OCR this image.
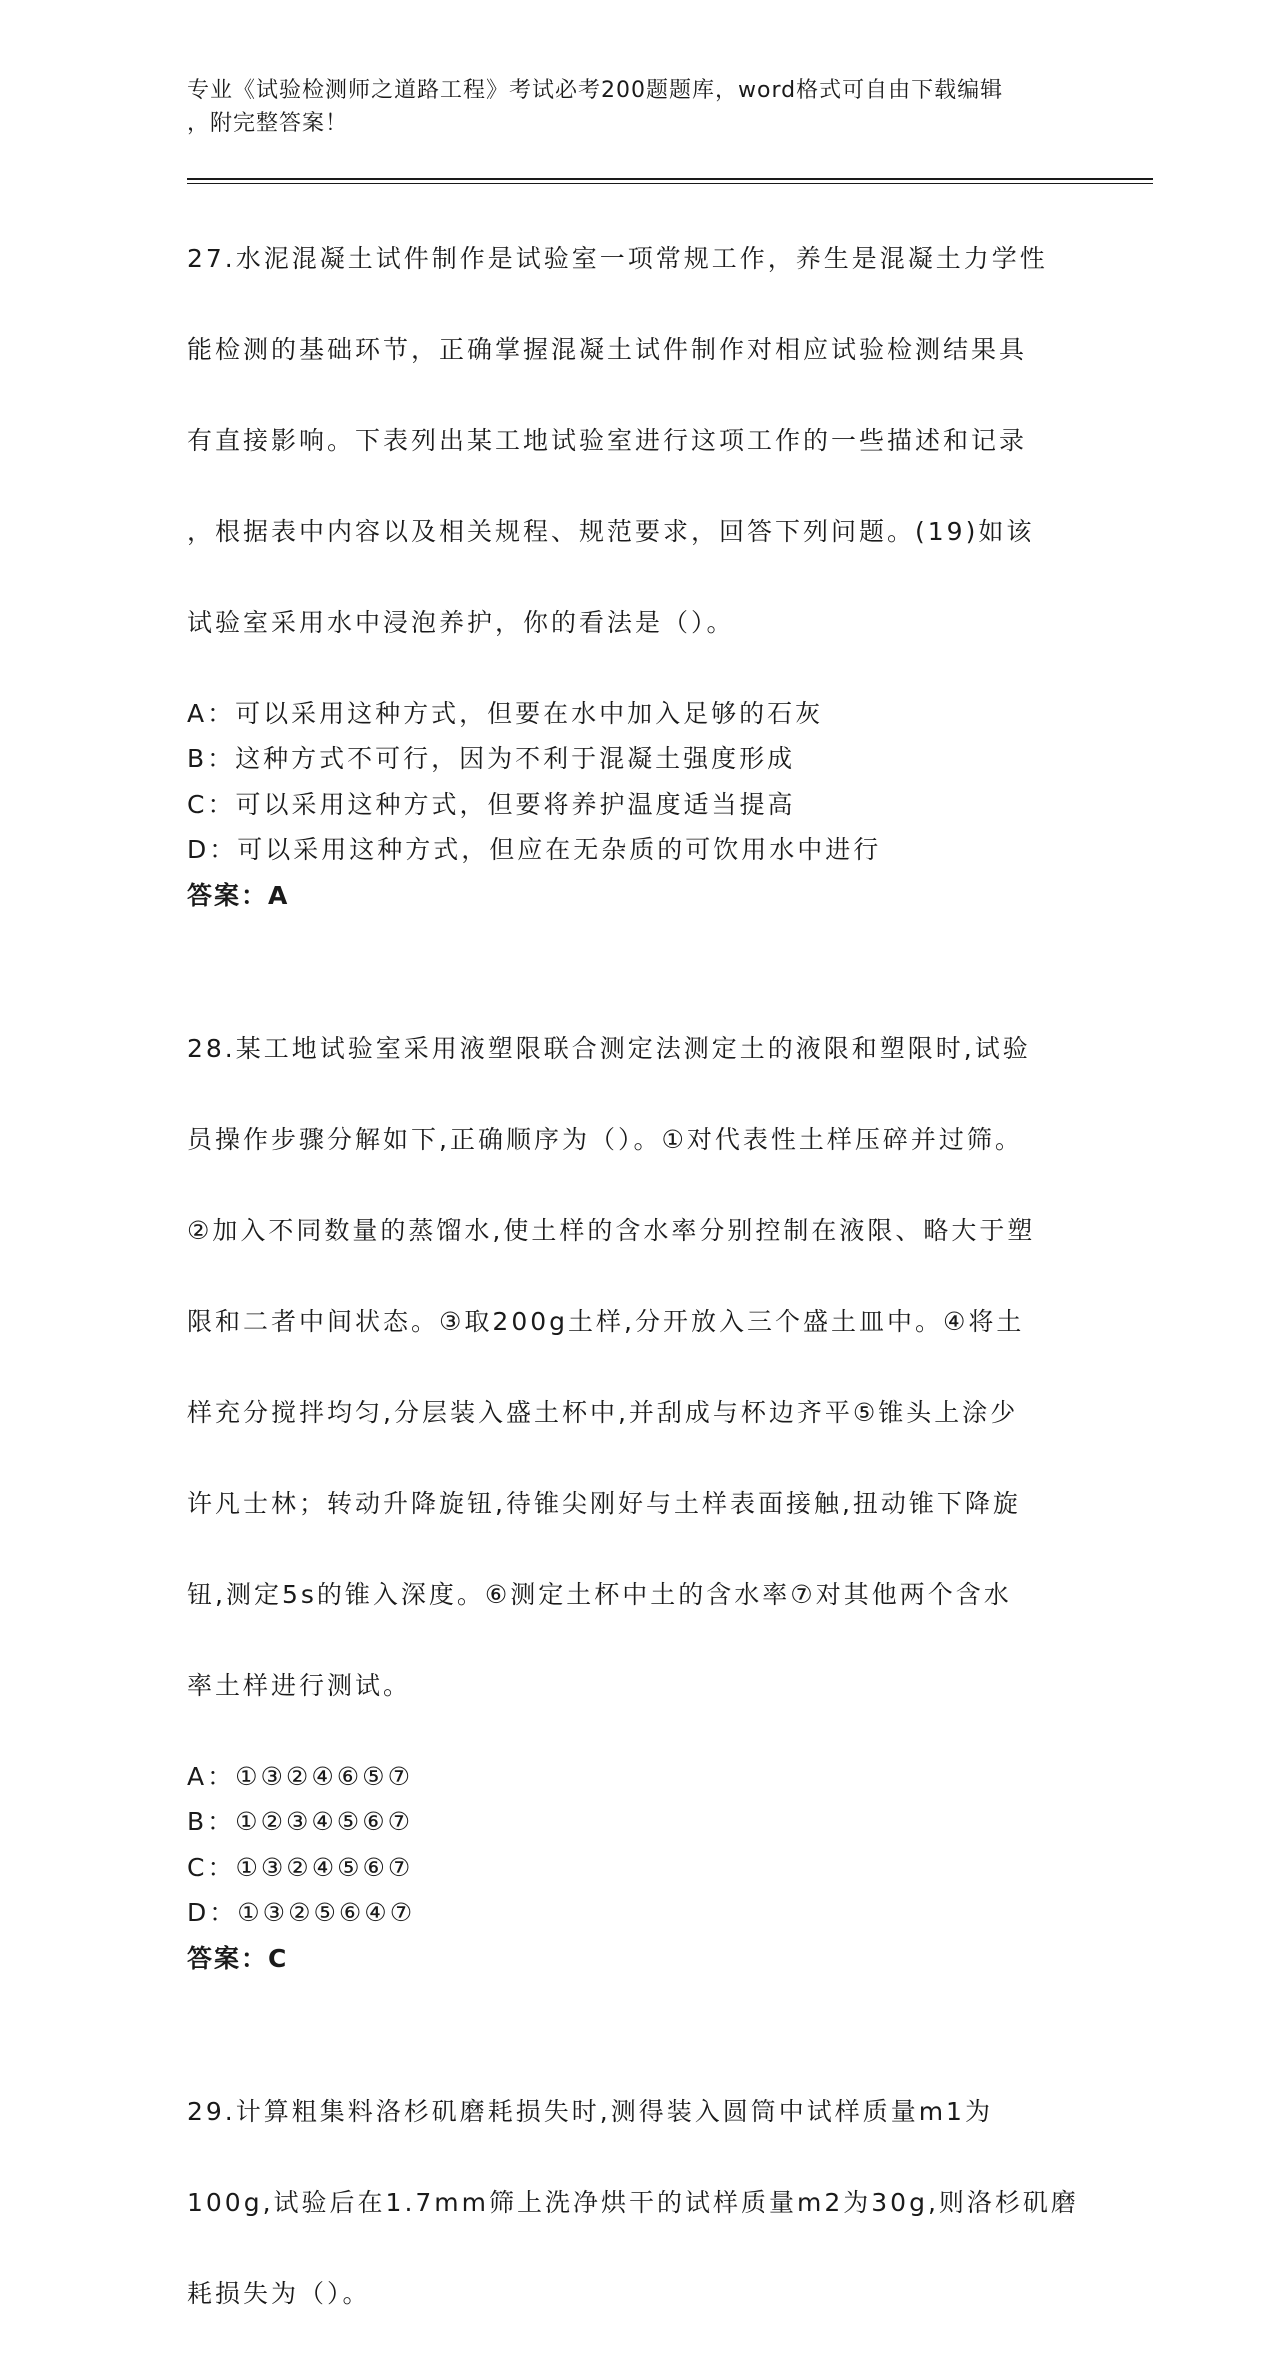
专业《试验检测师之道路工程》考试必考200题题库，word格式可自由下载编辑
，附完整答案！

27.水泥混凝土试件制作是试验室一项常规工作，养生是混凝土力学性

能检测的基础环节，正确掌握混凝土试件制作对相应试验检测结果具

有直接影响。下表列出某工地试验室进行这项工作的一些描述和记录

，根据表中内容以及相关规程、规范要求，回答下列问题。(19)如该

试验室采用水中浸泡养护，你的看法是（）。

A：可以采用这种方式，但要在水中加入足够的石灰
B：这种方式不可行，因为不利于混凝土强度形成
C：可以采用这种方式，但要将养护温度适当提高
D：可以采用这种方式，但应在无杂质的可饮用水中进行
答案：A

28.某工地试验室采用液塑限联合测定法测定土的液限和塑限时,试验

员操作步骤分解如下,正确顺序为（）。①对代表性土样压碎并过筛。

②加入不同数量的蒸馏水,使土样的含水率分别控制在液限、略大于塑

限和二者中间状态。③取200g土样,分开放入三个盛土皿中。④将土

样充分搅拌均匀,分层装入盛土杯中,并刮成与杯边齐平⑤锥头上涂少

许凡士林；转动升降旋钮,待锥尖刚好与土样表面接触,扭动锥下降旋

钮,测定5s的锥入深度。⑥测定土杯中土的含水率⑦对其他两个含水

率土样进行测试。

A：①③②④⑥⑤⑦
B：①②③④⑤⑥⑦
C：①③②④⑤⑥⑦
D：①③②⑤⑥④⑦
答案：C

29.计算粗集料洛杉矶磨耗损失时,测得装入圆筒中试样质量m1为

100g,试验后在1.7mm筛上洗净烘干的试样质量m2为30g,则洛杉矶磨

耗损失为（）。
